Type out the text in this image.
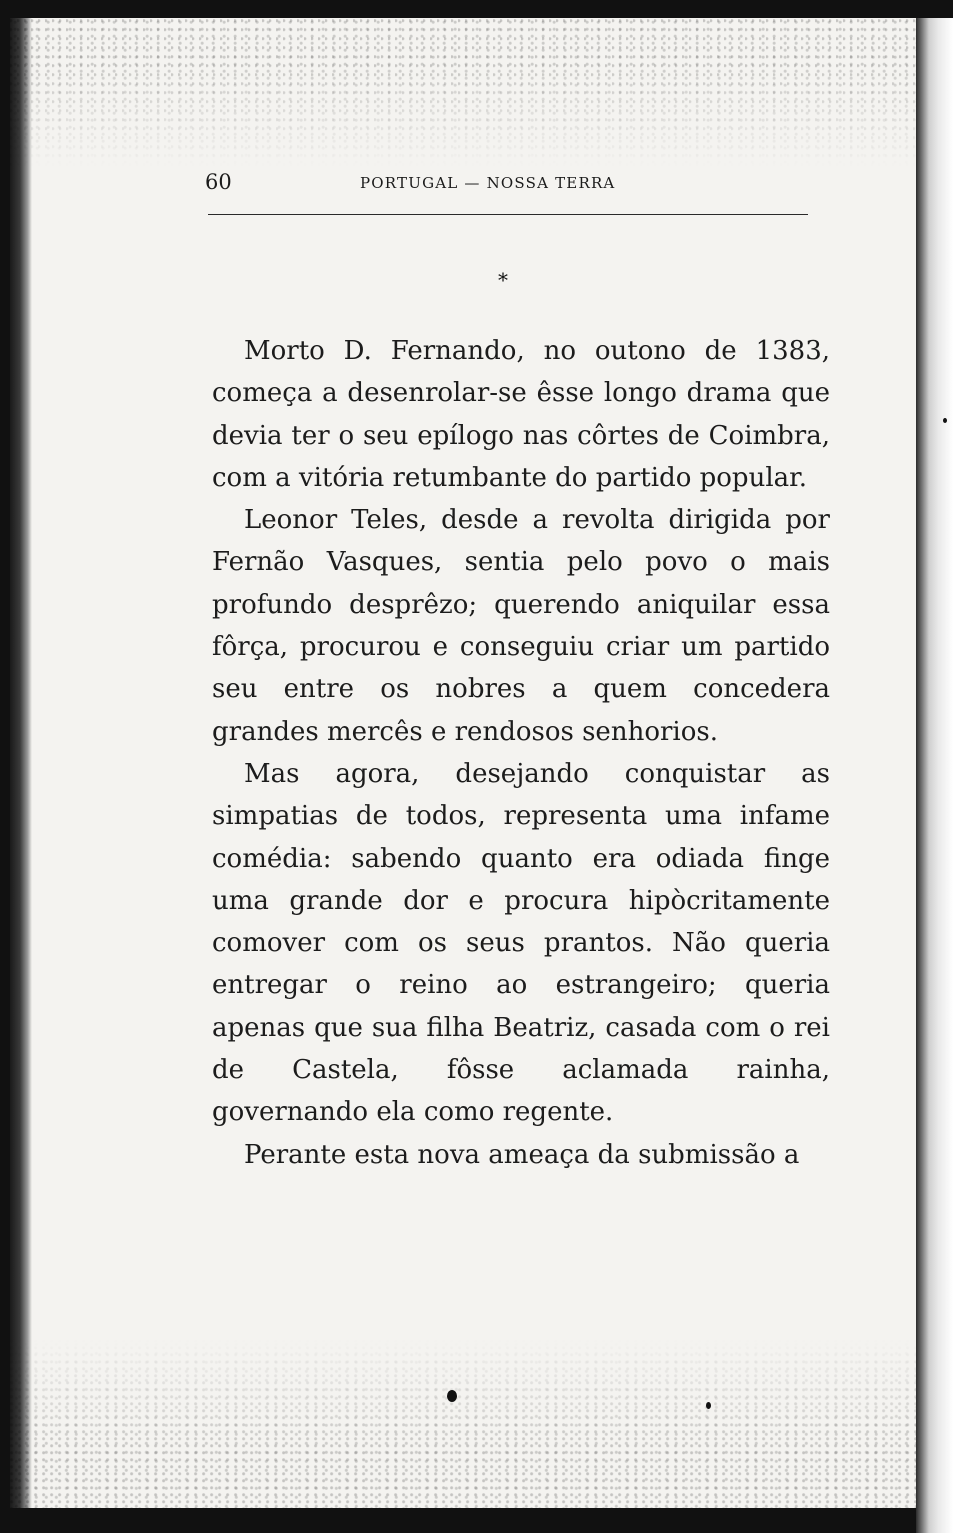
60	PORTUGAL — NOSSA TERRA
*

Morto D. Fernando, no outono de 1383, começa a desenrolar-se êsse longo drama que devia ter o seu epílogo nas côrtes de Coimbra, com a vitória retumbante do partido popular.

Leonor Teles, desde a revolta dirigida por Fernão Vasques, sentia pelo povo o mais profundo desprêzo; querendo aniquilar essa fôrça, procurou e conseguiu criar um partido seu entre os nobres a quem concedera grandes mercês e rendosos senhorios.

Mas agora, desejando conquistar as simpatias de todos, representa uma infame comédia: sabendo quanto era odiada finge uma grande dor e procura hipòcritamente comover com os seus prantos. Não queria entregar o reino ao estrangeiro; queria apenas que sua filha Beatriz, casada com o rei de Castela, fôsse aclamada rainha, governando ela como regente.

Perante esta nova ameaça da submissão a
